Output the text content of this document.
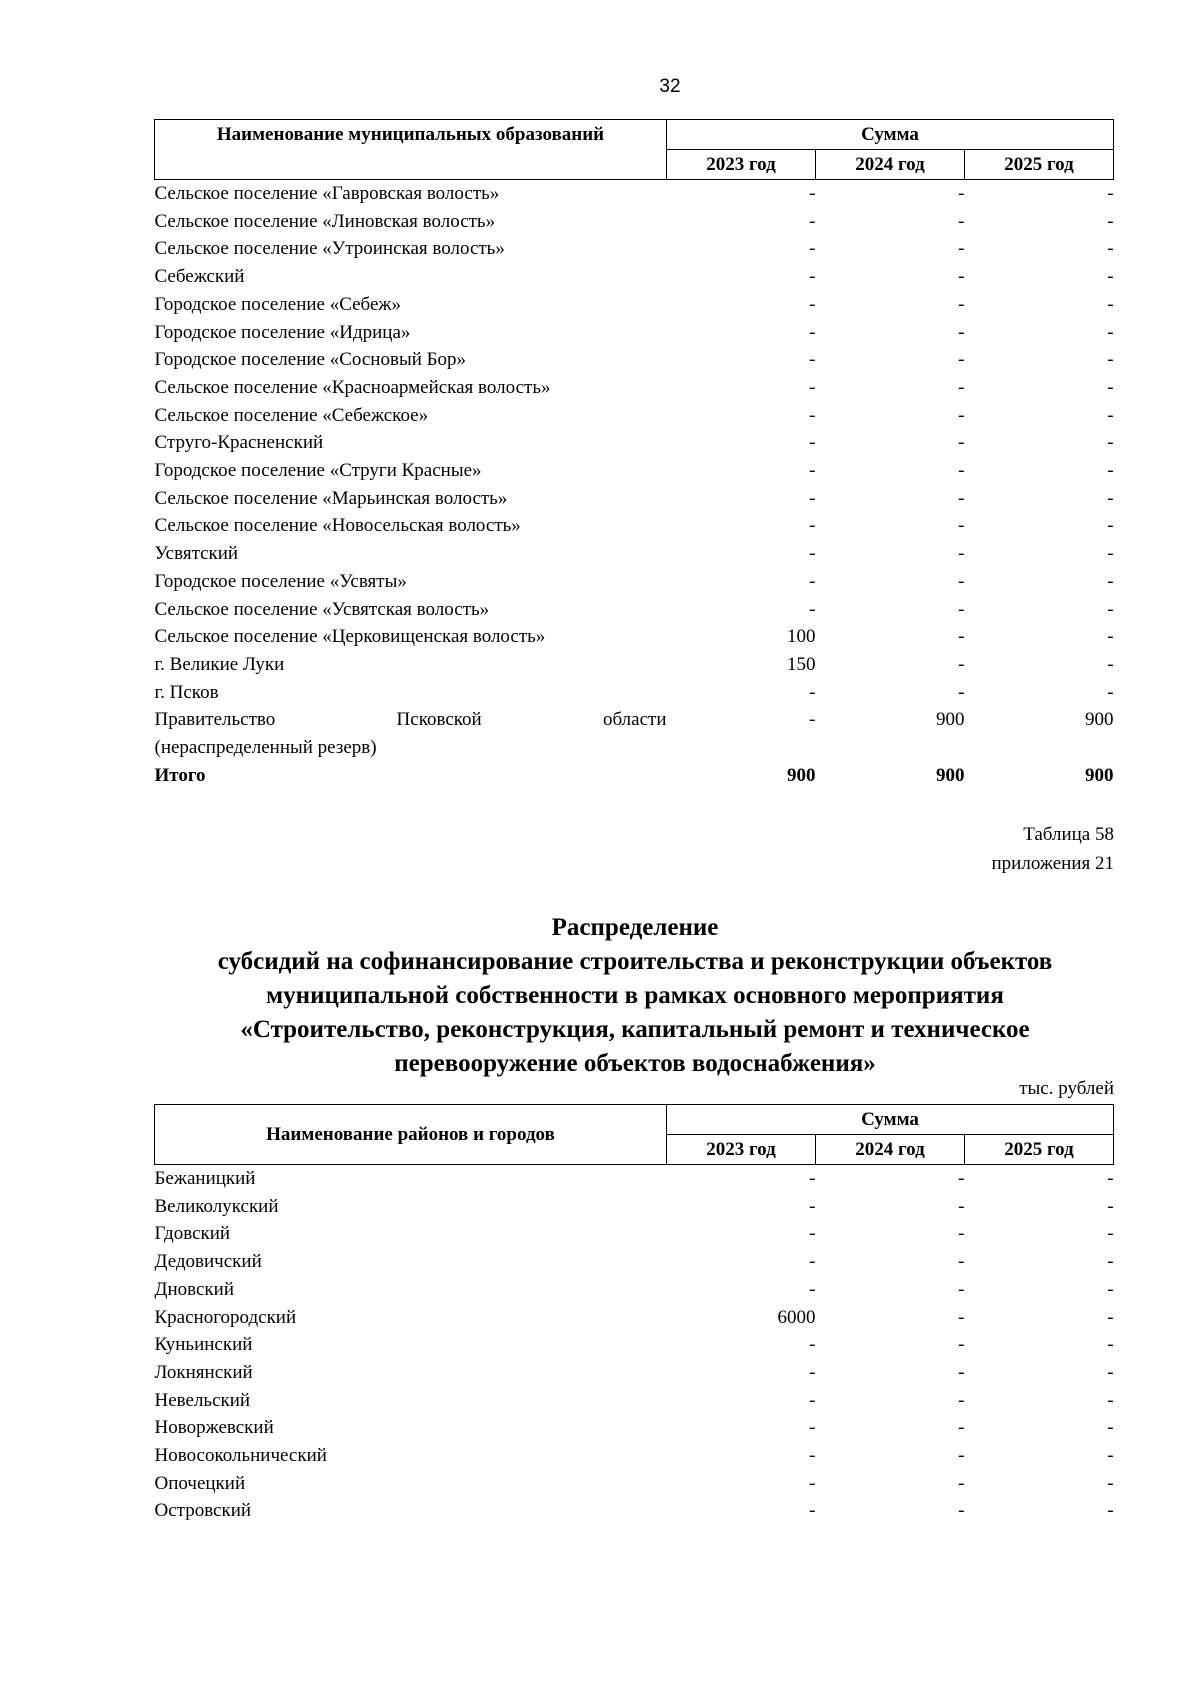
32
Наименование муниципальных образований	Сумма		
	2023 год	2024 год	2025 год
Сельское поселение «Гавровская волость»	-	-	-
Сельское поселение «Линовская волость»	-	-	-
Сельское поселение «Утроинская волость»	-	-	-
Себежский	-	-	-
Городское поселение «Себеж»	-	-	-
Городское поселение «Идрица»	-	-	-
Городское поселение «Сосновый Бор»	-	-	-
Сельское поселение «Красноармейская волость»	-	-	-
Сельское поселение «Себежское»	-	-	-
Струго-Красненский	-	-	-
Городское поселение «Струги Красные»	-	-	-
Сельское поселение «Марьинская волость»	-	-	-
Сельское поселение «Новосельская волость»	-	-	-
Усвятский	-	-	-
Городское поселение «Усвяты»	-	-	-
Сельское поселение «Усвятская волость»	-	-	-
Сельское поселение «Церковищенская волость»	100	-	-
г. Великие Луки	150	-	-
г. Псков	-	-	-

Правительство Псковской области
(нераспределенный резерв)	-	900	900
Итого	900	900	900
Таблица 58
приложения 21
Распределение
субсидий на софинансирование строительства и реконструкции объектов
муниципальной собственности в рамках основного мероприятия
«Строительство, реконструкция, капитальный ремонт и техническое
перевооружение объектов водоснабжения»
тыс. рублей
Наименование районов и городов	Сумма		
	2023 год	2024 год	2025 год
Бежаницкий	-	-	-
Великолукский	-	-	-
Гдовский	-	-	-
Дедовичский	-	-	-
Дновский	-	-	-
Красногородский	6000	-	-
Куньинский	-	-	-
Локнянский	-	-	-
Невельский	-	-	-
Новоржевский	-	-	-
Новосокольнический	-	-	-
Опочецкий	-	-	-
Островский	-	-	-
